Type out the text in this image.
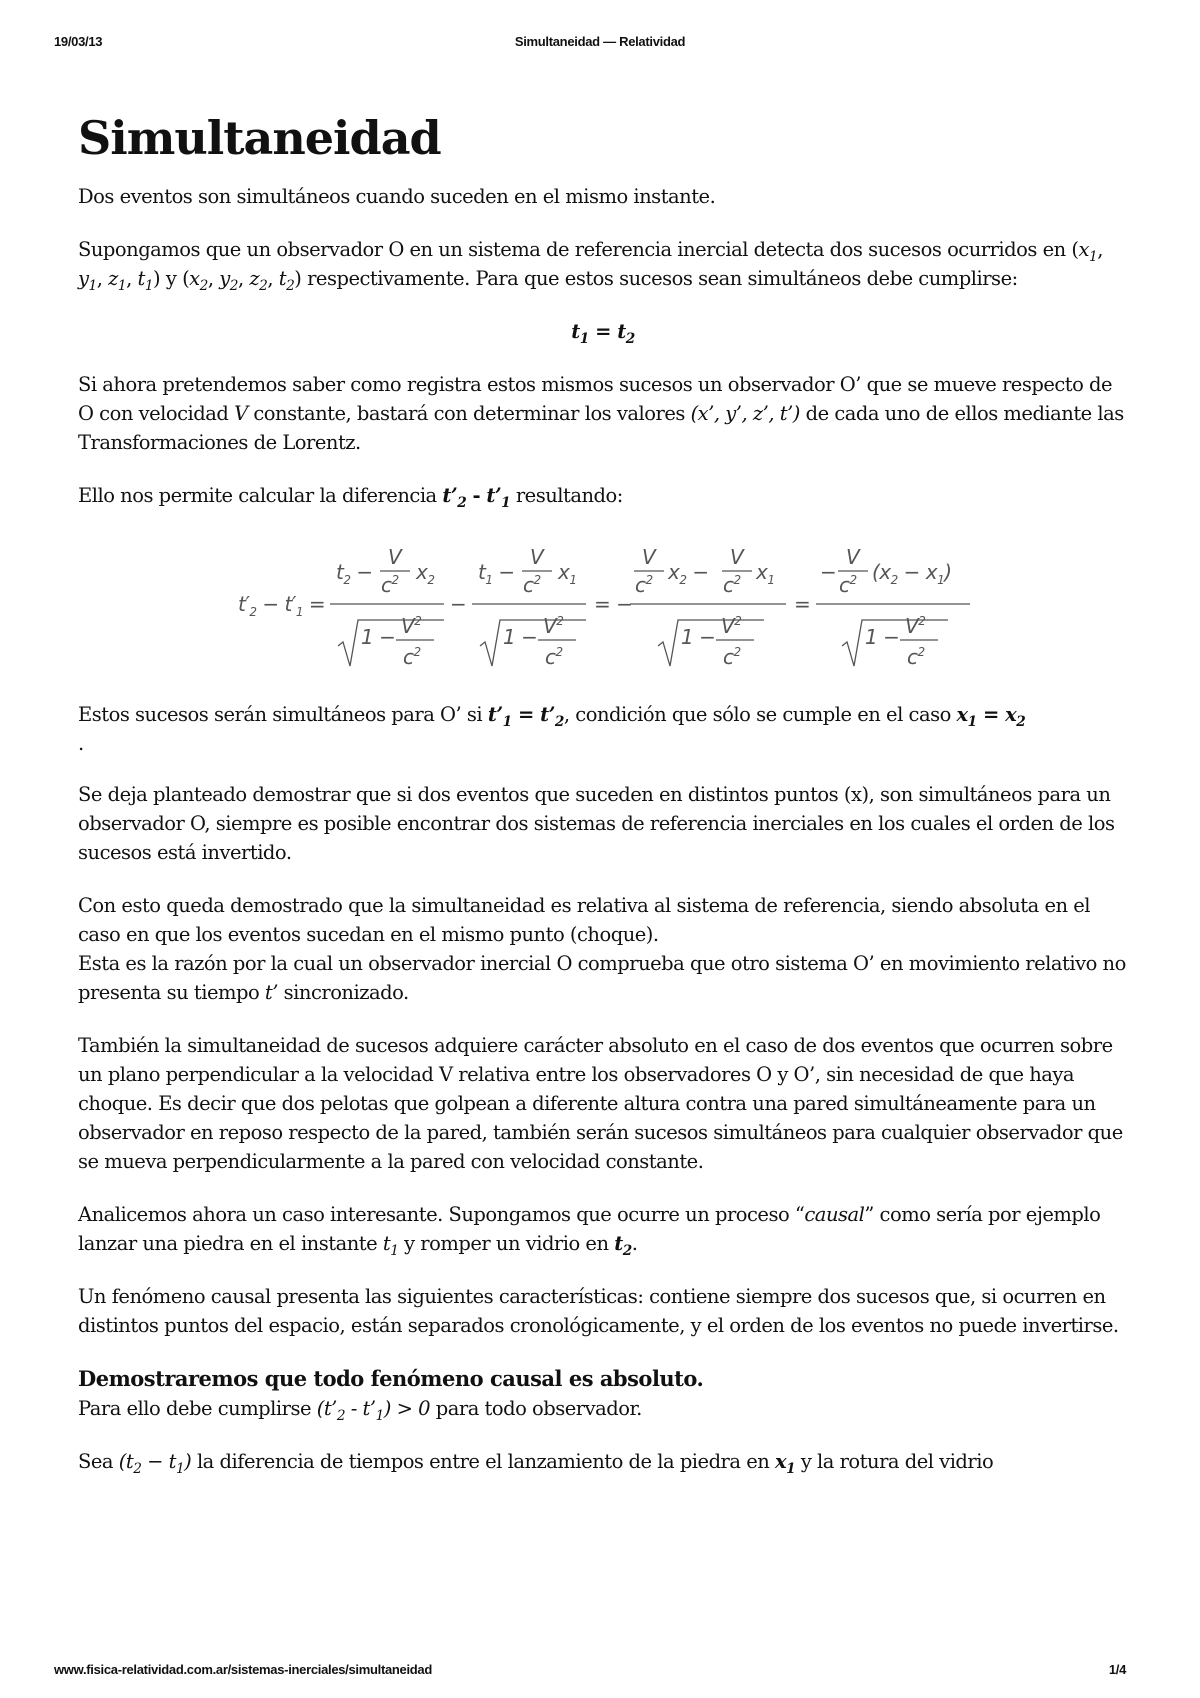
19/03/13	Simultaneidad — Relatividad
Simultaneidad

Dos eventos son simultáneos cuando suceden en el mismo instante.

Supongamos que un observador O en un sistema de referencia inercial detecta dos sucesos ocurridos en ($x_1$, $y_1$, $z_1$, $t_1$) y ($x_2$, $y_2$, $z_2$, $t_2$) respectivamente. Para que estos sucesos sean simultáneos debe cumplirse:

$t_1 = t_2$

Si ahora pretendemos saber como registra estos mismos sucesos un observador O’ que se mueve respecto de O con velocidad V constante, bastará con determinar los valores (x’, y’, z’, t’) de cada uno de ellos mediante las Transformaciones de Lorentz.

Ello nos permite calcular la diferencia $t’_2$ - $t’_1$ resultando:

$t'_2 - t'_1$ =
$t_2$ −
V
$c^2$ $x_2$
$1 - V^2$
$c^2$
−
$t_1$ −
V
$c^2$ $x_1$
$1 - V^2$
$c^2$
= −
V
$c^2$ $x_2$ −
V
$c^2$ $x_1$
$1 - V^2$
$c^2$
=
−
V
$c^2$ $(x_2 - x_1)$
$1 - V^2$
$c^2$

Estos sucesos serán simultáneos para O’ si $t’_1$ = $t’_2$, condición que sólo se cumple en el caso $x_1 = x_2$

.

Se deja planteado demostrar que si dos eventos que suceden en distintos puntos (x), son simultáneos para un observador O, siempre es posible encontrar dos sistemas de referencia inerciales en los cuales el orden de los sucesos está invertido.

Con esto queda demostrado que la simultaneidad es relativa al sistema de referencia, siendo absoluta en el caso en que los eventos sucedan en el mismo punto (choque).
Esta es la razón por la cual un observador inercial O comprueba que otro sistema O’ en movimiento relativo no presenta su tiempo t’ sincronizado.

También la simultaneidad de sucesos adquiere carácter absoluto en el caso de dos eventos que ocurren sobre un plano perpendicular a la velocidad V relativa entre los observadores O y O’, sin necesidad de que haya choque. Es decir que dos pelotas que golpean a diferente altura contra una pared simultáneamente para un observador en reposo respecto de la pared, también serán sucesos simultáneos para cualquier observador que se mueva perpendicularmente a la pared con velocidad constante.

Analicemos ahora un caso interesante. Supongamos que ocurre un proceso “causal” como sería por ejemplo lanzar una piedra en el instante $t_1$ y romper un vidrio en $t_2$.

Un fenómeno causal presenta las siguientes características: contiene siempre dos sucesos que, si ocurren en distintos puntos del espacio, están separados cronológicamente, y el orden de los eventos no puede invertirse.

Demostraremos que todo fenómeno causal es absoluto.
Para ello debe cumplirse ($t’_2$ - $t’_1) > 0$ para todo observador.

Sea $(t_2 - t_1)$ la diferencia de tiempos entre el lanzamiento de la piedra en $x_1$ y la rotura del vidrio

www.fisica-relatividad.com.ar/sistemas-inerciales/simultaneidad	1/4
